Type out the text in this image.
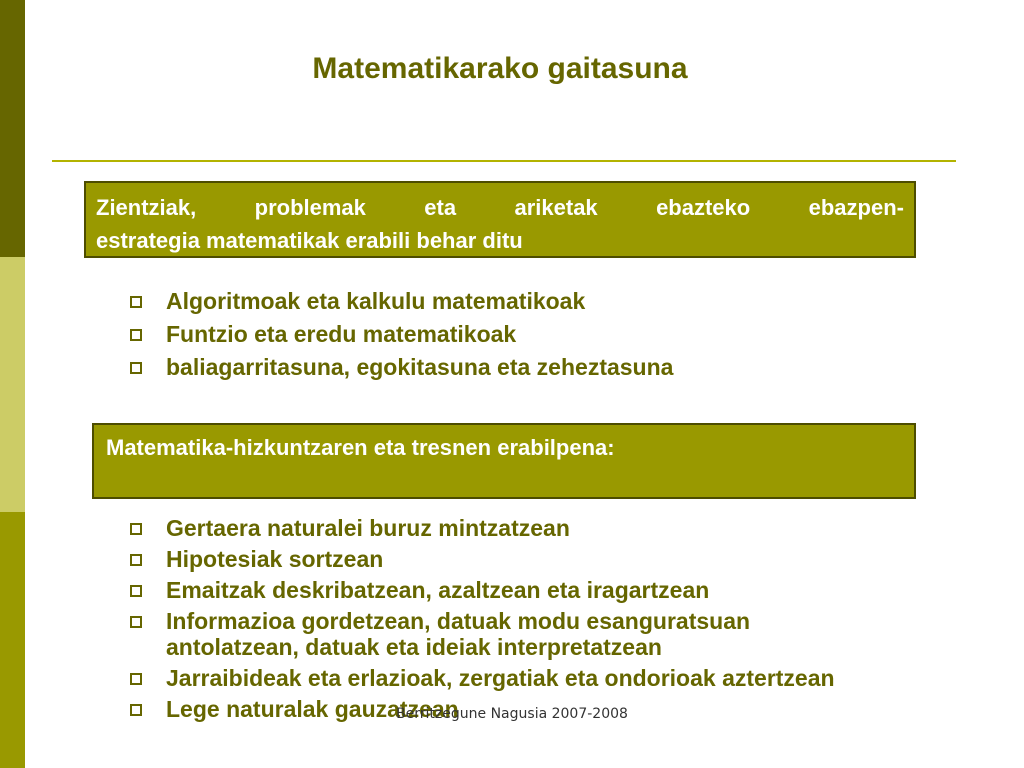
Matematikarako gaitasuna
Zientziak,	problemak	eta	ariketak	ebazteko	ebazpen-
estrategia matematikak erabili behar ditu
Algoritmoak eta kalkulu matematikoak
Funtzio eta eredu matematikoak
baliagarritasuna, egokitasuna eta zeheztasuna
Matematika-hizkuntzaren eta tresnen erabilpena:
Gertaera naturalei buruz mintzatzean
Hipotesiak sortzean
Emaitzak deskribatzean, azaltzean eta iragartzean
Informazioa gordetzean, datuak modu esanguratsuan antolatzean, datuak eta ideiak interpretatzean
Jarraibideak eta erlazioak, zergatiak eta ondorioak aztertzean
Lege naturalak gauzatzean
Berritzegune Nagusia 2007-2008
